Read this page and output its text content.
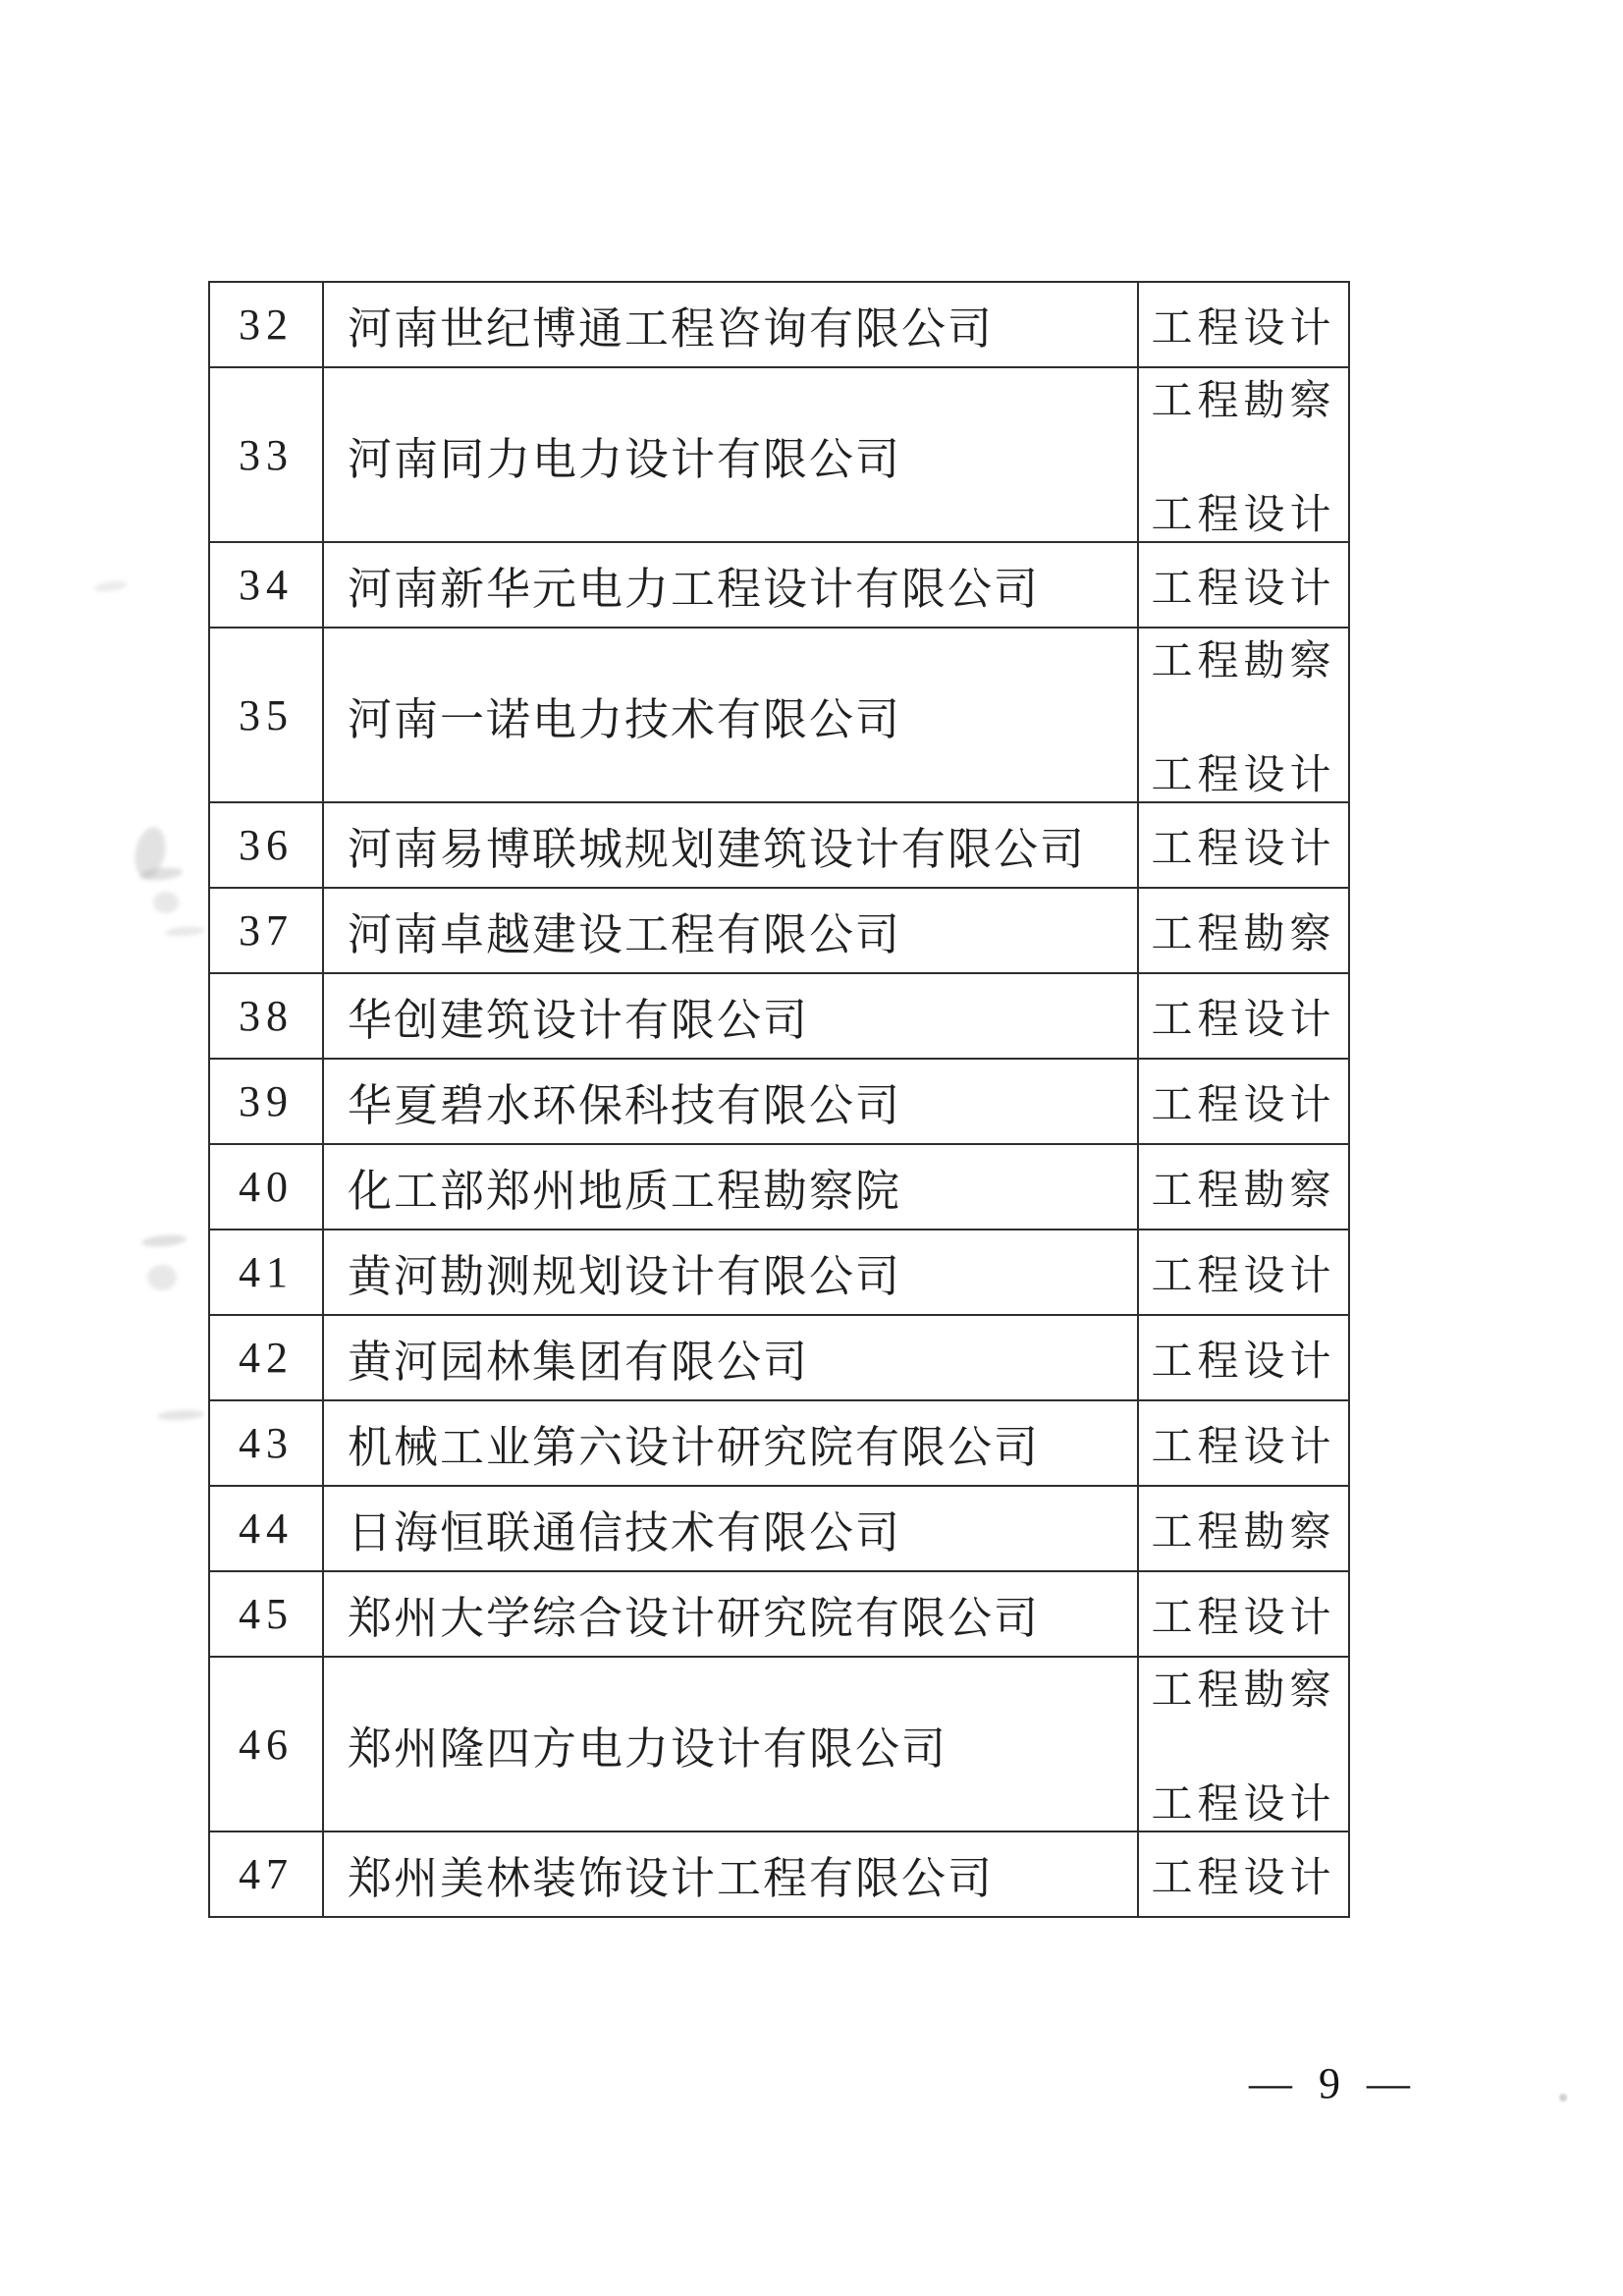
32	河南世纪博通工程咨询有限公司	工程设计

33	河南同力电力设计有限公司	工程勘察
工程设计

34	河南新华元电力工程设计有限公司	工程设计

35	河南一诺电力技术有限公司	工程勘察
工程设计

36	河南易博联城规划建筑设计有限公司	工程设计

37	河南卓越建设工程有限公司	工程勘察

38	华创建筑设计有限公司	工程设计

39	华夏碧水环保科技有限公司	工程设计

40	化工部郑州地质工程勘察院	工程勘察

41	黄河勘测规划设计有限公司	工程设计

42	黄河园林集团有限公司	工程设计

43	机械工业第六设计研究院有限公司	工程设计

44	日海恒联通信技术有限公司	工程勘察

45	郑州大学综合设计研究院有限公司	工程设计

46	郑州隆四方电力设计有限公司	工程勘察
工程设计

47	郑州美林装饰设计工程有限公司	工程设计
— 9 —
